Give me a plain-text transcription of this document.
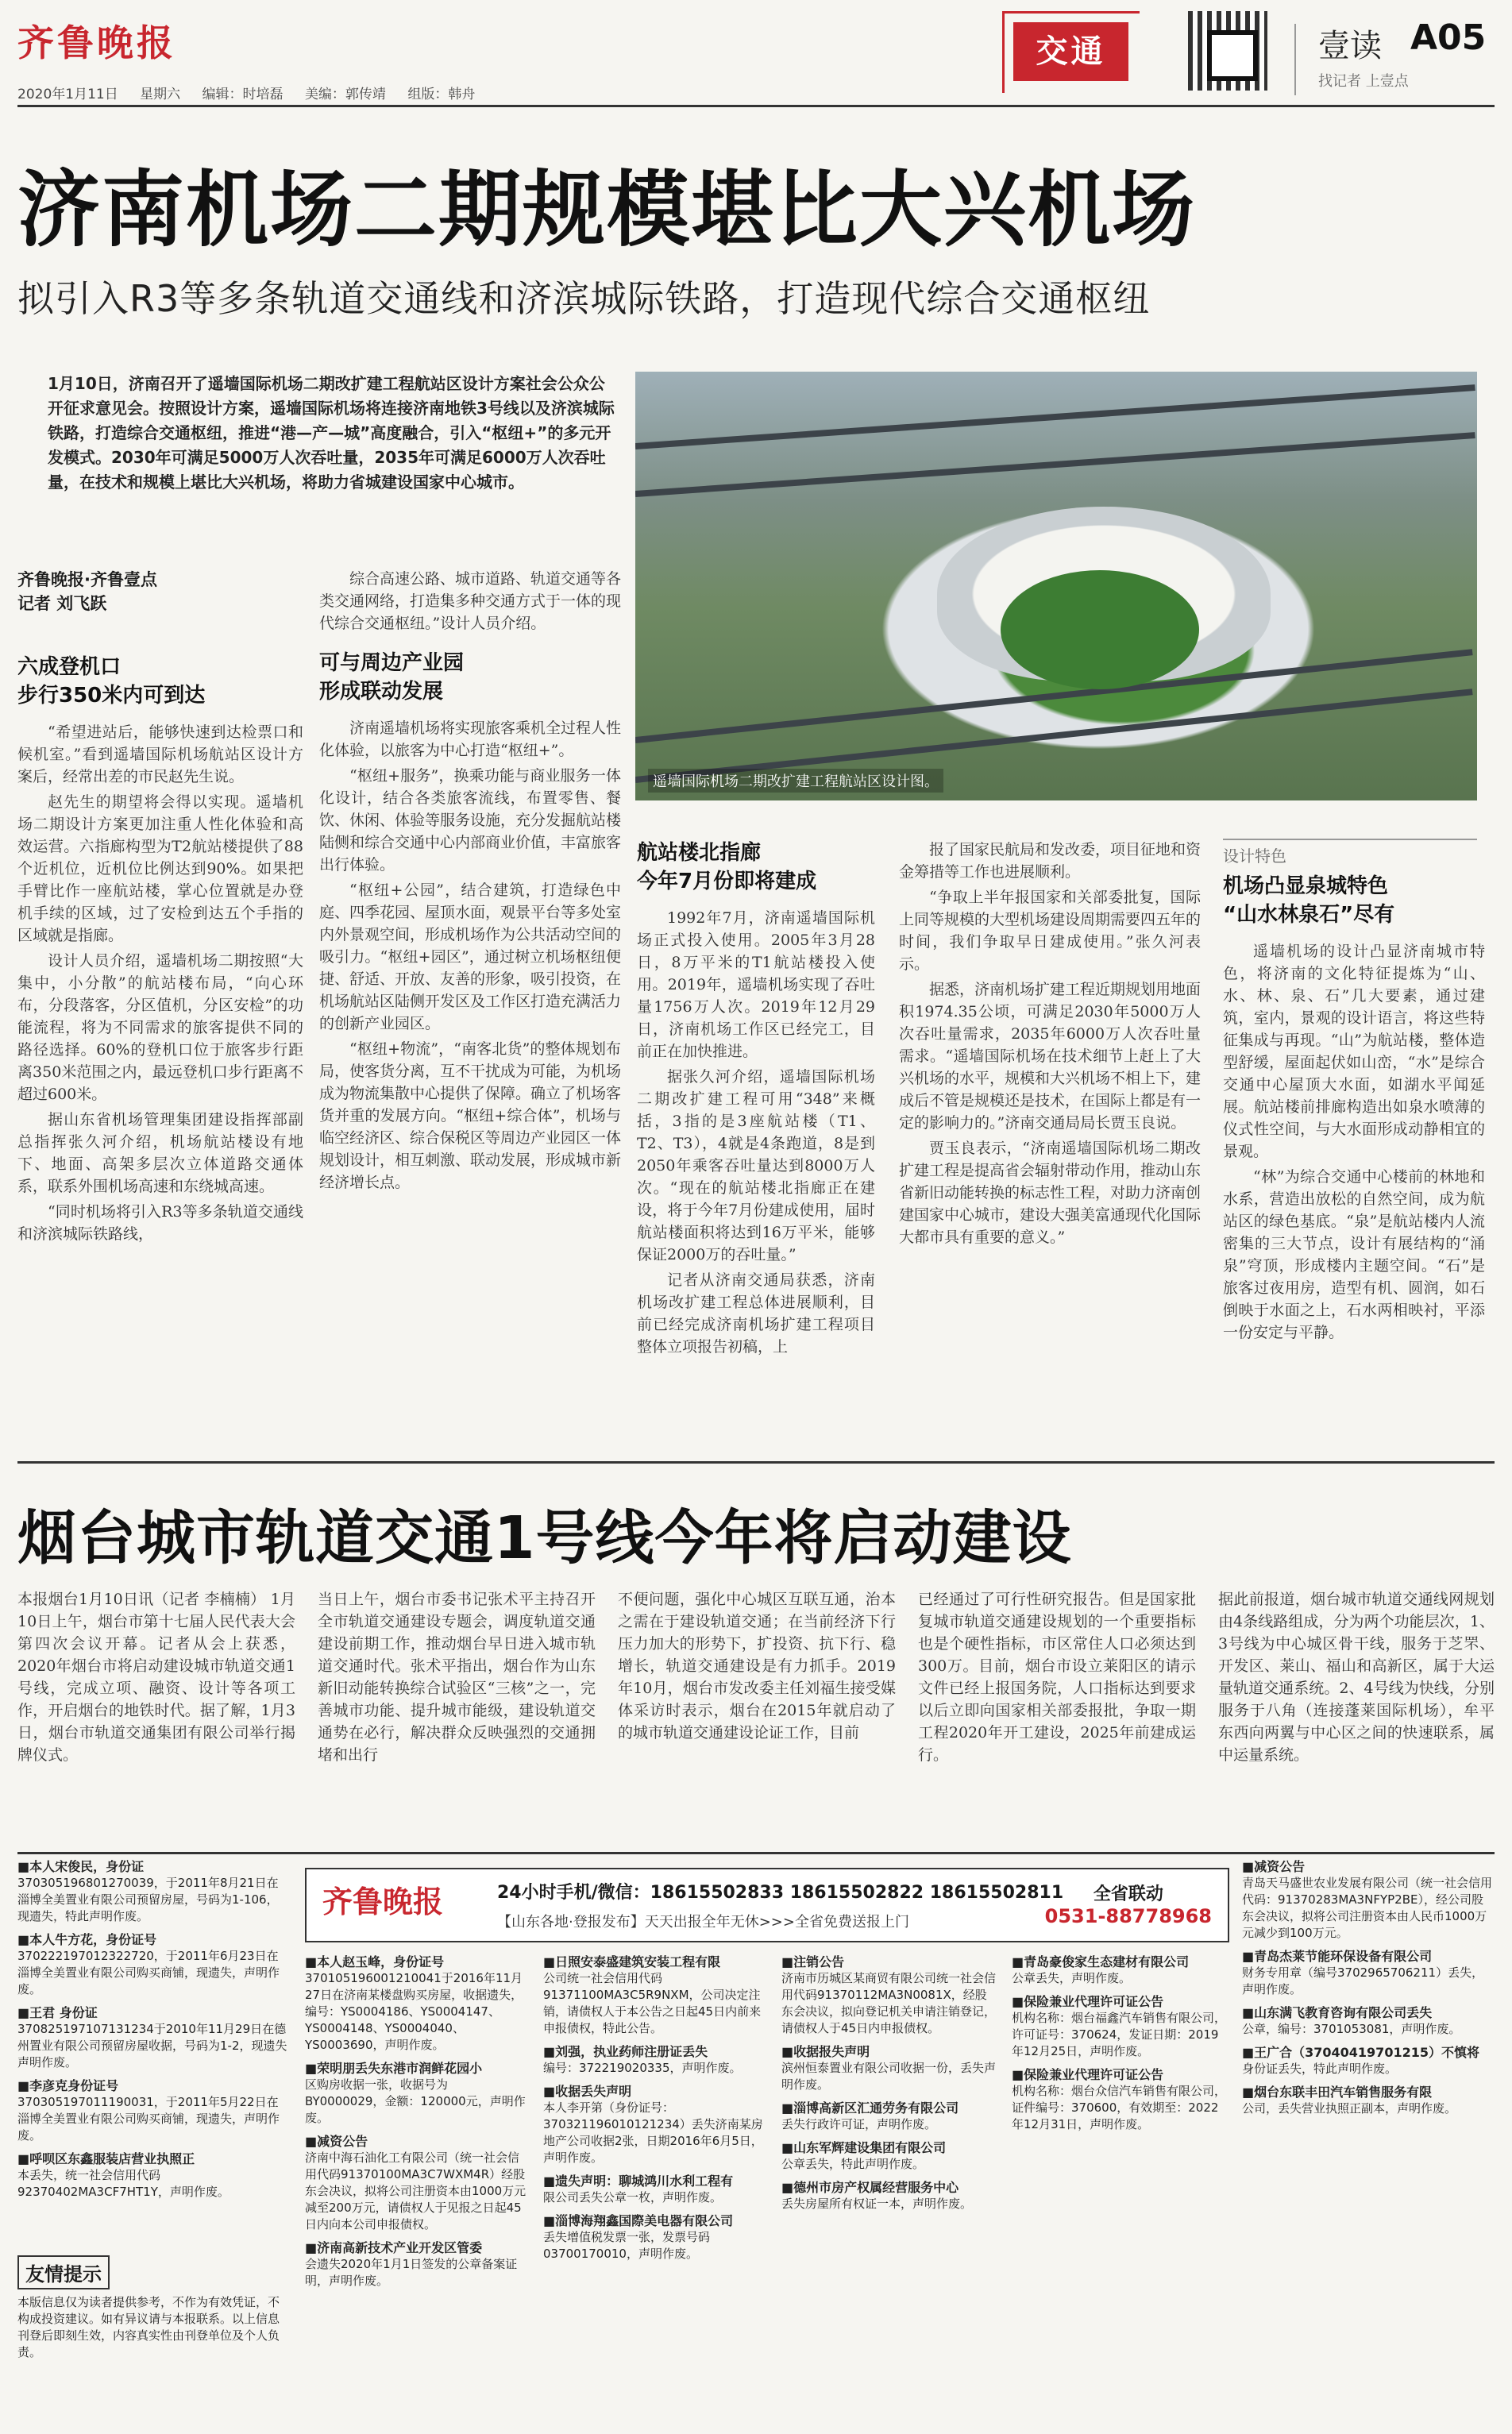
齐鲁晚报
2020年1月11日 星期六 编辑：时培磊 美编：郭传靖 组版：韩舟
交通	壹读 A05
找记者 上壹点
济南机场二期规模堪比大兴机场
拟引入R3等多条轨道交通线和济滨城际铁路，打造现代综合交通枢纽
1月10日，济南召开了遥墙国际机场二期改扩建工程航站区设计方案社会公众公开征求意见会。按照设计方案，遥墙国际机场将连接济南地铁3号线以及济滨城际铁路，打造综合交通枢纽，推进“港—产—城”高度融合，引入“枢纽+”的多元开发模式。2030年可满足5000万人次吞吐量，2035年可满足6000万人次吞吐量，在技术和规模上堪比大兴机场，将助力省城建设国家中心城市。
遥墙国际机场二期改扩建工程航站区设计图。
齐鲁晚报·齐鲁壹点
记者 刘飞跃
六成登机口
步行350米内可到达

“希望进站后，能够快速到达检票口和候机室。”看到遥墙国际机场航站区设计方案后，经常出差的市民赵先生说。

赵先生的期望将会得以实现。遥墙机场二期设计方案更加注重人性化体验和高效运营。六指廊构型为T2航站楼提供了88个近机位，近机位比例达到90%。如果把手臂比作一座航站楼，掌心位置就是办登机手续的区域，过了安检到达五个手指的区域就是指廊。

设计人员介绍，遥墙机场二期按照“大集中，小分散”的航站楼布局，“向心环布，分段落客，分区值机，分区安检”的功能流程，将为不同需求的旅客提供不同的路径选择。60%的登机口位于旅客步行距离350米范围之内，最远登机口步行距离不超过600米。

据山东省机场管理集团建设指挥部副总指挥张久河介绍，机场航站楼设有地下、地面、高架多层次立体道路交通体系，联系外围机场高速和东绕城高速。

“同时机场将引入R3等多条轨道交通线和济滨城际铁路线，

综合高速公路、城市道路、轨道交通等各类交通网络，打造集多种交通方式于一体的现代综合交通枢纽。”设计人员介绍。

可与周边产业园
形成联动发展

济南遥墙机场将实现旅客乘机全过程人性化体验，以旅客为中心打造“枢纽+”。

“枢纽+服务”，换乘功能与商业服务一体化设计，结合各类旅客流线，布置零售、餐饮、休闲、体验等服务设施，充分发掘航站楼陆侧和综合交通中心内部商业价值，丰富旅客出行体验。

“枢纽+公园”，结合建筑，打造绿色中庭、四季花园、屋顶水面，观景平台等多处室内外景观空间，形成机场作为公共活动空间的吸引力。“枢纽+园区”，通过树立机场枢纽便捷、舒适、开放、友善的形象，吸引投资，在机场航站区陆侧开发区及工作区打造充满活力的创新产业园区。

“枢纽+物流”，“南客北货”的整体规划布局，使客货分离，互不干扰成为可能，为机场成为物流集散中心提供了保障。确立了机场客货并重的发展方向。“枢纽+综合体”，机场与临空经济区、综合保税区等周边产业园区一体规划设计，相互刺激、联动发展，形成城市新经济增长点。

航站楼北指廊
今年7月份即将建成

1992年7月，济南遥墙国际机场正式投入使用。2005年3月28日，8万平米的T1航站楼投入使用。2019年，遥墙机场实现了吞吐量1756万人次。2019年12月29日，济南机场工作区已经完工，目前正在加快推进。

据张久河介绍，遥墙国际机场二期改扩建工程可用“348”来概括，3指的是3座航站楼（T1、T2、T3），4就是4条跑道，8是到2050年乘客吞吐量达到8000万人次。“现在的航站楼北指廊正在建设，将于今年7月份建成使用，届时航站楼面积将达到16万平米，能够保证2000万的吞吐量。”

记者从济南交通局获悉，济南机场改扩建工程总体进展顺利，目前已经完成济南机场扩建工程项目整体立项报告初稿，上

报了国家民航局和发改委，项目征地和资金筹措等工作也进展顺利。

“争取上半年报国家和关部委批复，国际上同等规模的大型机场建设周期需要四五年的时间，我们争取早日建成使用。”张久河表示。

据悉，济南机场扩建工程近期规划用地面积1974.35公顷，可满足2030年5000万人次吞吐量需求，2035年6000万人次吞吐量需求。“遥墙国际机场在技术细节上赶上了大兴机场的水平，规模和大兴机场不相上下，建成后不管是规模还是技术，在国际上都是有一定的影响力的。”济南交通局局长贾玉良说。

贾玉良表示，“济南遥墙国际机场二期改扩建工程是提高省会辐射带动作用，推动山东省新旧动能转换的标志性工程，对助力济南创建国家中心城市，建设大强美富通现代化国际大都市具有重要的意义。”

设计特色
机场凸显泉城特色
“山水林泉石”尽有

遥墙机场的设计凸显济南城市特色，将济南的文化特征提炼为“山、水、林、泉、石”几大要素，通过建筑，室内，景观的设计语言，将这些特征集成与再现。“山”为航站楼，整体造型舒缓，屋面起伏如山峦，“水”是综合交通中心屋顶大水面，如湖水平闻延展。航站楼前排廊构造出如泉水喷薄的仪式性空间，与大水面形成动静相宜的景观。

“林”为综合交通中心楼前的林地和水系，营造出放松的自然空间，成为航站区的绿色基底。“泉”是航站楼内人流密集的三大节点，设计有展结构的“涌泉”穹顶，形成楼内主题空间。“石”是旅客过夜用房，造型有机、圆润，如石倒映于水面之上，石水两相映衬，平添一份安定与平静。

烟台城市轨道交通1号线今年将启动建设
本报烟台1月10日讯（记者 李楠楠） 1月10日上午，烟台市第十七届人民代表大会第四次会议开幕。记者从会上获悉，2020年烟台市将启动建设城市轨道交通1号线，完成立项、融资、设计等各项工作，开启烟台的地铁时代。据了解，1月3日，烟台市轨道交通集团有限公司举行揭牌仪式。
当日上午，烟台市委书记张术平主持召开全市轨道交通建设专题会，调度轨道交通建设前期工作，推动烟台早日进入城市轨道交通时代。张术平指出，烟台作为山东新旧动能转换综合试验区“三核”之一，完善城市功能、提升城市能级，建设轨道交通势在必行，解决群众反映强烈的交通拥堵和出行
不便问题，强化中心城区互联互通，治本之需在于建设轨道交通；在当前经济下行压力加大的形势下，扩投资、抗下行、稳增长，轨道交通建设是有力抓手。2019年10月，烟台市发改委主任刘福生接受媒体采访时表示，烟台在2015年就启动了的城市轨道交通建设论证工作，目前
已经通过了可行性研究报告。但是国家批复城市轨道交通建设规划的一个重要指标也是个硬性指标，市区常住人口必须达到300万。目前，烟台市设立莱阳区的请示文件已经上报国务院，人口指标达到要求以后立即向国家相关部委报批，争取一期工程2020年开工建设，2025年前建成运行。
据此前报道，烟台城市轨道交通线网规划由4条线路组成，分为两个功能层次，1、3号线为中心城区骨干线，服务于芝罘、开发区、莱山、福山和高新区，属于大运量轨道交通系统。2、4号线为快线，分别服务于八角（连接蓬莱国际机场），牟平东西向两翼与中心区之间的快速联系，属中运量系统。
齐鲁晚报	24小时手机/微信：18615502833 18615502822 18615502811
【山东各地·登报发布】天天出报全年无休>>>全省免费送报上门
全省联动
0531-88778968
■本人宋俊民，身份证
370305196801270039，于2011年8月21日在淄博全美置业有限公司预留房屋，号码为1-106，现遗失，特此声明作废。
■本人牛方花，身份证号
370222197012322720，于2011年6月23日在淄博全美置业有限公司购买商铺，现遗失，声明作废。
■王君 身份证
370825197107131234于2010年11月29日在德州置业有限公司预留房屋收据，号码为1-2，现遗失声明作废。
■李彦克身份证号
370305197011190031，于2011年5月22日在淄博全美置业有限公司购买商铺，现遗失，声明作废。
■呼呗区东鑫服装店营业执照正
本丢失，统一社会信用代码92370402MA3CF7HT1Y，声明作废。
友情提示
本版信息仅为读者提供参考，不作为有效凭证，不构成投资建议。如有异议请与本报联系。以上信息刊登后即刻生效，内容真实性由刊登单位及个人负责。
■本人赵玉峰，身份证号
370105196001210041于2016年11月27日在济南某楼盘购买房屋，收据遗失，编号：YS0004186、YS0004147、YS0004148、YS0004040、YS0003690，声明作废。
■荣明朋丢失东港市润鲜花园小
区购房收据一张，收据号为BY0000029，金额：120000元，声明作废。
■减资公告
济南中海石油化工有限公司（统一社会信用代码91370100MA3C7WXM4R）经股东会决议，拟将公司注册资本由1000万元减至200万元，请债权人于见报之日起45日内向本公司申报债权。
■济南高新技术产业开发区管委
会遗失2020年1月1日签发的公章备案证明，声明作废。
■日照安泰盛建筑安装工程有限
公司统一社会信用代码91371100MA3C5R9NXM，公司决定注销，请债权人于本公告之日起45日内前来申报债权，特此公告。
■刘强，执业药师注册证丢失
编号：372219020335，声明作废。
■收据丢失声明
本人李开第（身份证号：370321196010121234）丢失济南某房地产公司收据2张，日期2016年6月5日，声明作废。
■遗失声明：聊城鸿川水利工程有
限公司丢失公章一枚，声明作废。
■淄博海翔鑫国際美电器有限公司
丢失增值税发票一张，发票号码03700170010，声明作废。
■注销公告
济南市历城区某商贸有限公司统一社会信用代码91370112MA3N0081X，经股东会决议，拟向登记机关申请注销登记，请债权人于45日内申报债权。
■收据报失声明
滨州恒泰置业有限公司收据一份，丢失声明作废。
■淄博高新区汇通劳务有限公司
丢失行政许可证，声明作废。
■山东军辉建设集团有限公司
公章丢失，特此声明作废。
■德州市房产权属经营服务中心
丢失房屋所有权证一本，声明作废。
■青岛豪俊家生态建材有限公司
公章丢失，声明作废。
■保险兼业代理许可证公告
机构名称：烟台福鑫汽车销售有限公司，许可证号：370624，发证日期：2019年12月25日，声明作废。
■保险兼业代理许可证公告
机构名称：烟台众信汽车销售有限公司，证件编号：370600，有效期至：2022年12月31日，声明作废。
■减资公告
青岛天马盛世农业发展有限公司（统一社会信用代码：91370283MA3NFYP2BE），经公司股东会决议，拟将公司注册资本由人民币1000万元减少到100万元。
■青岛杰莱节能环保设备有限公司
财务专用章（编号3702965706211）丢失，声明作废。
■山东满飞教育咨询有限公司丢失
公章，编号：3701053081，声明作废。
■王广合（37040419701215）不慎将
身份证丢失，特此声明作废。
■烟台东联丰田汽车销售服务有限
公司，丢失营业执照正副本，声明作废。
